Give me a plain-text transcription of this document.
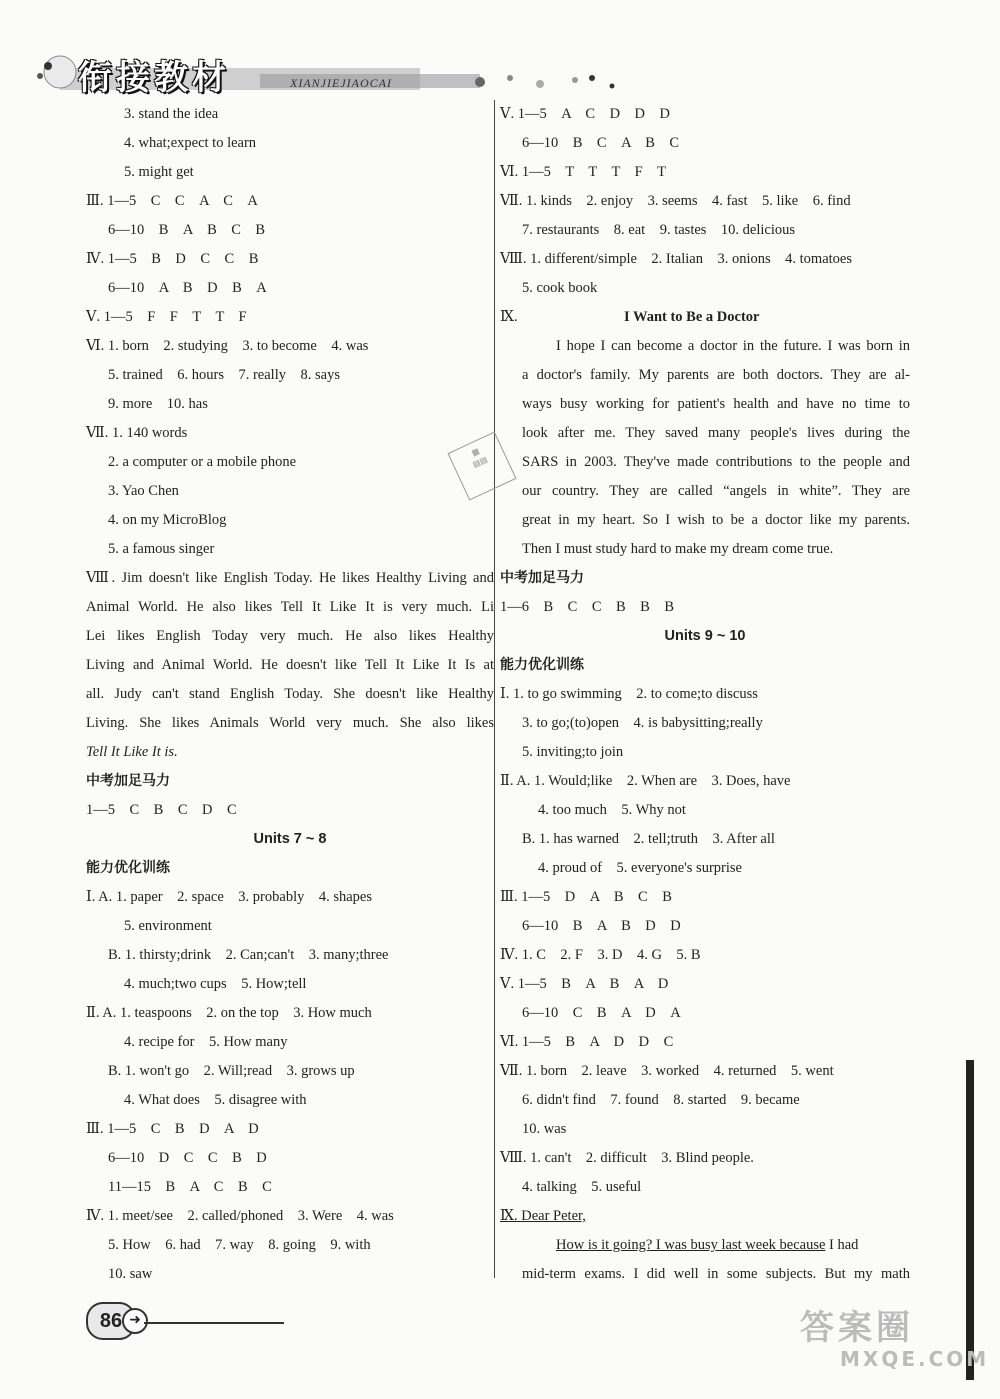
衔接教材	XIANJIEJIAOCAI
3. stand the idea
4. what;expect to learn
5. might get
Ⅲ. 1—5　C　C　A　C　A
6—10　B　A　B　C　B
Ⅳ. 1—5　B　D　C　C　B
6—10　A　B　D　B　A
Ⅴ. 1—5　F　F　T　T　F
Ⅵ. 1. born　2. studying　3. to become　4. was
5. trained　6. hours　7. really　8. says
9. more　10. has
Ⅶ. 1. 140 words
2. a computer or a mobile phone
3. Yao Chen
4. on my MicroBlog
5. a famous singer
Ⅷ. Jim doesn't like English Today. He likes Healthy Living and
Animal World. He also likes Tell It Like It is very much. Li
Lei likes English Today very much. He also likes Healthy
Living and Animal World. He doesn't like Tell It Like It Is at
all. Judy can't stand English Today. She doesn't like Healthy
Living. She likes Animals World very much. She also likes
Tell It Like It is.
中考加足马力
1—5　C　B　C　D　C
Units 7 ~ 8
能力优化训练
Ⅰ. A. 1. paper　2. space　3. probably　4. shapes
5. environment
B. 1. thirsty;drink　2. Can;can't　3. many;three
4. much;two cups　5. How;tell
Ⅱ. A. 1. teaspoons　2. on the top　3. How much
4. recipe for　5. How many
B. 1. won't go　2. Will;read　3. grows up
4. What does　5. disagree with
Ⅲ. 1—5　C　B　D　A　D
6—10　D　C　C　B　D
11—15　B　A　C　B　C
Ⅳ. 1. meet/see　2. called/phoned　3. Were　4. was
5. How　6. had　7. way　8. going　9. with
10. saw
Ⅴ. 1—5　A　C　D　D　D
6—10　B　C　A　B　C
Ⅵ. 1—5　T　T　T　F　T
Ⅶ. 1. kinds　2. enjoy　3. seems　4. fast　5. like　6. find
7. restaurants　8. eat　9. tastes　10. delicious
Ⅷ. 1. different/simple　2. Italian　3. onions　4. tomatoes
5. cook book
Ⅸ.	I Want to Be a Doctor
I hope I can become a doctor in the future. I was born in
a doctor's family. My parents are both doctors. They are al-
ways busy working for patient's health and have no time to
look after me. They saved many people's lives during the
SARS in 2003. They've made contributions to the people and
our country. They are called “angels in white”. They are
great in my heart. So I wish to be a doctor like my parents.
Then I must study hard to make my dream come true.
中考加足马力
1—6　B　C　C　B　B　B
Units 9 ~ 10
能力优化训练
Ⅰ. 1. to go swimming　2. to come;to discuss
3. to go;(to)open　4. is babysitting;really
5. inviting;to join
Ⅱ. A. 1. Would;like　2. When are　3. Does, have
4. too much　5. Why not
B. 1. has warned　2. tell;truth　3. After all
4. proud of　5. everyone's surprise
Ⅲ. 1—5　D　A　B　C　B
6—10　B　A　B　D　D
Ⅳ. 1. C　2. F　3. D　4. G　5. B
Ⅴ. 1—5　B　A　B　A　D
6—10　C　B　A　D　A
Ⅵ. 1—5　B　A　D　D　C
Ⅶ. 1. born　2. leave　3. worked　4. returned　5. went
6. didn't find　7. found　8. started　9. became
10. was
Ⅷ. 1. can't　2. difficult　3. Blind people.
4. talking　5. useful
Ⅸ. Dear Peter,
How is it going? I was busy last week because I had
mid-term exams. I did well in some subjects. But my math
▦
▤▤
86 ➜	答案圈
MXQE.COM
